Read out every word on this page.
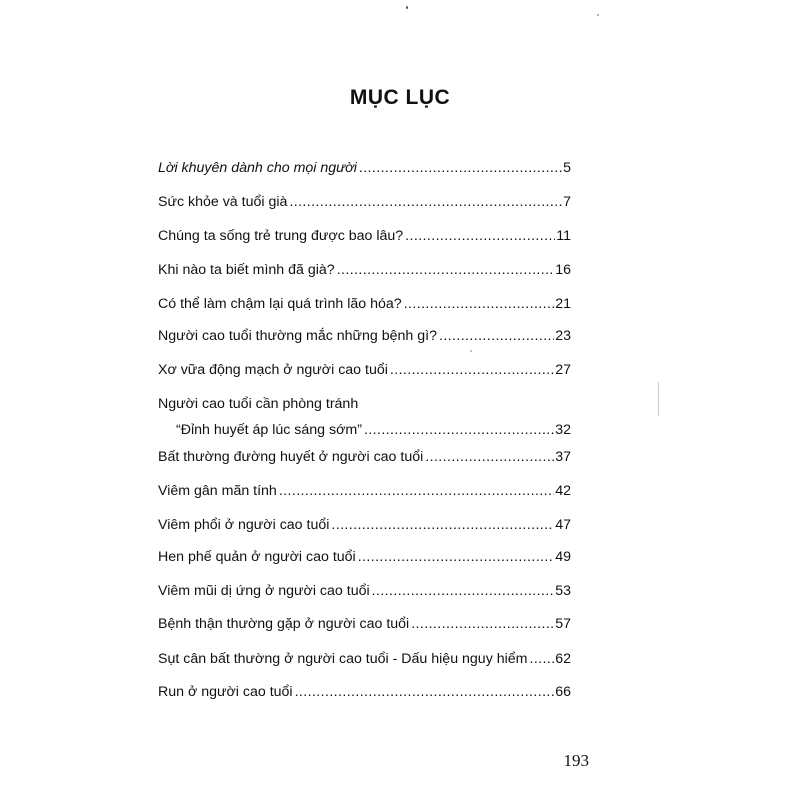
MỤC LỤC
Lời khuyên dành cho mọi người .....	5
Sức khỏe và tuổi già .....	7
Chúng ta sống trẻ trung được bao lâu? .....	11
Khi nào ta biết mình đã già? .....	16
Có thể làm chậm lại quá trình lão hóa? .....	21
Người cao tuổi thường mắc những bệnh gì? .....	23
Xơ vữa động mạch ở người cao tuổi .....	27
Người cao tuổi cần phòng tránh
“Đỉnh huyết áp lúc sáng sớm” .....	32
Bất thường đường huyết ở người cao tuổi .....	37
Viêm gân mãn tính .....	42
Viêm phổi ở người cao tuổi .....	47
Hen phế quản ở người cao tuổi .....	49
Viêm mũi dị ứng ở người cao tuổi .....	53
Bệnh thận thường gặp ở người cao tuổi .....	57
Sụt cân bất thường ở người cao tuổi - Dấu hiệu nguy hiểm ..... 62
Run ở người cao tuổi .....	66
193
